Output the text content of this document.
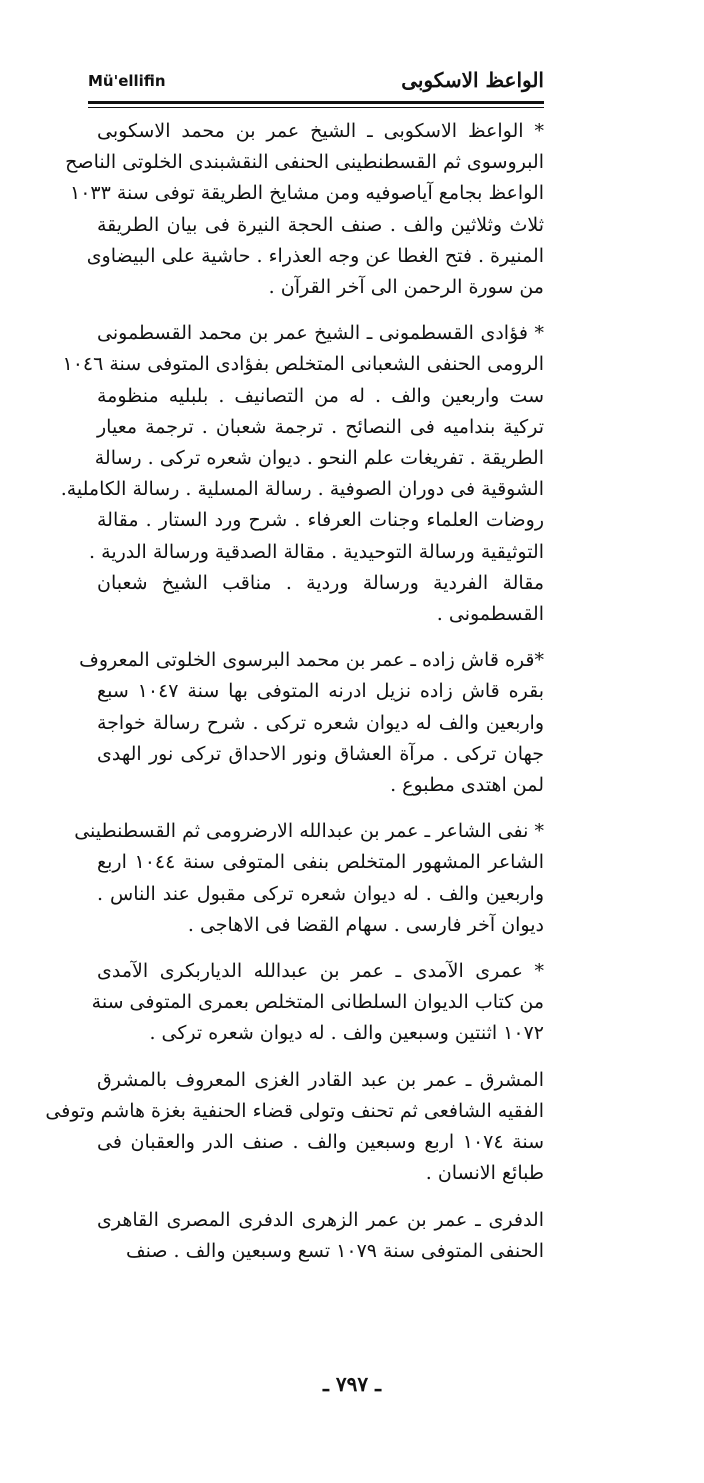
Mü'ellifin	الواعظ الاسكوبى

* الواعظ الاسكوبى ـ الشيخ عمر بن محمد الاسكوبى
البروسوى ثم القسطنطينى الحنفى النقشبندى الخلوتى الناصح
الواعظ بجامع آياصوفيه ومن مشايخ الطريقة توفى سنة ١٠٣٣
ثلاث وثلاثين والف . صنف الحجة النيرة فى بيان الطريقة
المنيرة . فتح الغطا عن وجه العذراء . حاشية على البيضاوى
من سورة الرحمن الى آخر القرآن .

* فؤادى القسطمونى ـ الشيخ عمر بن محمد القسطمونى
الرومى الحنفى الشعبانى المتخلص بفؤادى المتوفى سنة ١٠٤٦
ست واربعين والف . له من التصانيف . بلبليه منظومة
تركية بنداميه فى النصائح . ترجمة شعبان . ترجمة معيار
الطريقة . تفريغات علم النحو . ديوان شعره تركى . رسالة
الشوقية فى دوران الصوفية . رسالة المسلية . رسالة الكاملية.
روضات العلماء وجنات العرفاء . شرح ورد الستار . مقالة
التوثيقية ورسالة التوحيدية . مقالة الصدقية ورسالة الدرية .
مقالة الفردية ورسالة وردية . مناقب الشيخ شعبان
القسطمونى .

*قره قاش زاده ـ عمر بن محمد البرسوى الخلوتى المعروف
بقره قاش زاده نزيل ادرنه المتوفى بها سنة ١٠٤٧ سبع
واربعين والف له ديوان شعره تركى . شرح رسالة خواجة
جهان تركى . مرآة العشاق ونور الاحداق تركى نور الهدى
لمن اهتدى مطبوع .

* نفى الشاعر ـ عمر بن عبدالله الارضرومى ثم القسطنطينى
الشاعر المشهور المتخلص بنفى المتوفى سنة ١٠٤٤ اربع
واربعين والف . له ديوان شعره تركى مقبول عند الناس .
ديوان آخر فارسى . سهام القضا فى الاهاجى .

* عمرى الآمدى ـ عمر بن عبدالله الدياربكرى الآمدى
من كتاب الديوان السلطانى المتخلص بعمرى المتوفى سنة
١٠٧٢ اثنتين وسبعين والف . له ديوان شعره تركى .

المشرق ـ عمر بن عبد القادر الغزى المعروف بالمشرق
الفقيه الشافعى ثم تحنف وتولى قضاء الحنفية بغزة هاشم وتوفى
سنة ١٠٧٤ اربع وسبعين والف . صنف الدر والعقبان فى
طبائع الانسان .

الدفرى ـ عمر بن عمر الزهرى الدفرى المصرى القاهرى
الحنفى المتوفى سنة ١٠٧٩ تسع وسبعين والف . صنف

ـ ٧٩٧ ـ
